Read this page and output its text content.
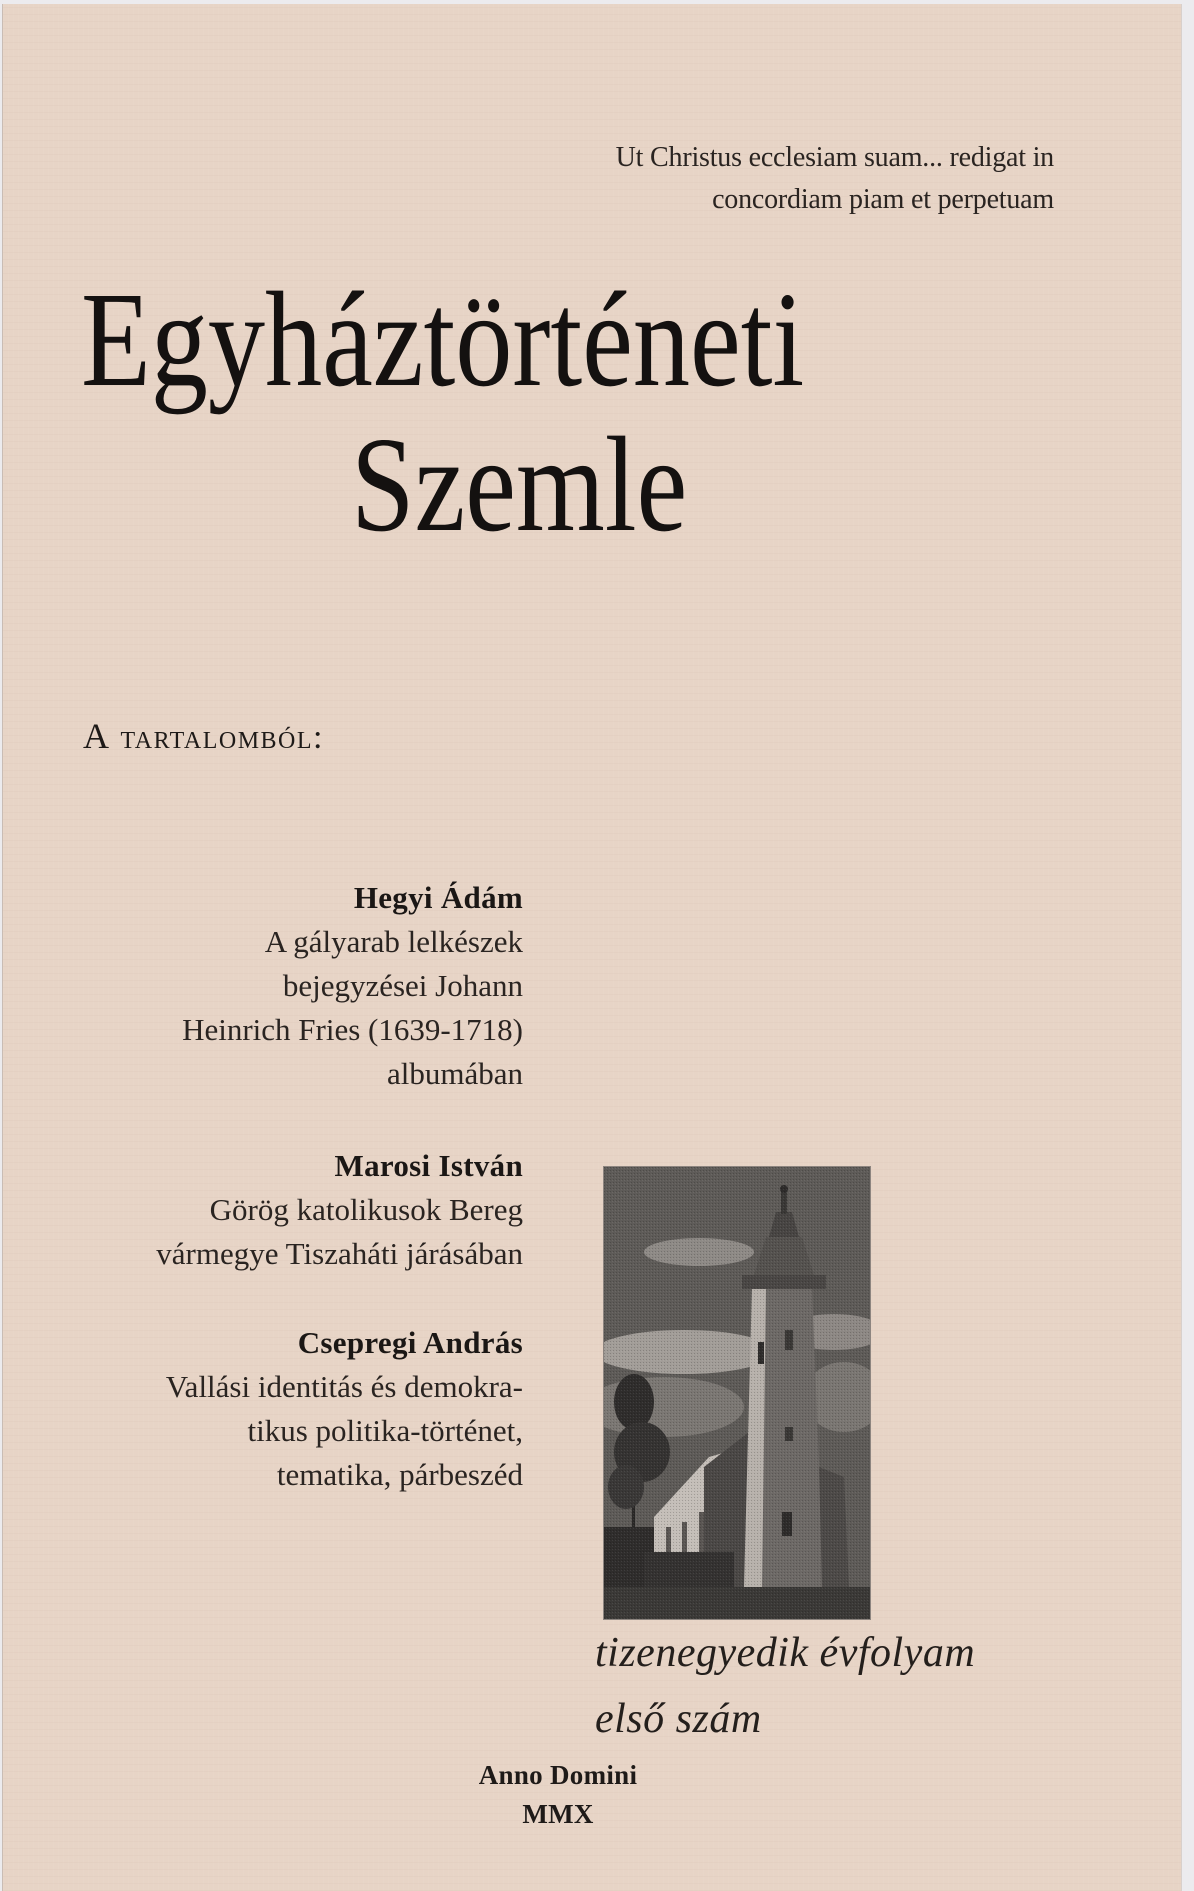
Ut Christus ecclesiam suam... redigat in
concordiam piam et perpetuam
Egyháztörténeti
Szemle
A tartalomból:
Hegyi Ádám
A gályarab lelkészek
bejegyzései Johann
Heinrich Fries (1639-1718)
albumában
Marosi István
Görög katolikusok Bereg
vármegye Tiszaháti járásában
Csepregi András
Vallási identitás és demokra-
tikus politika-történet,
tematika, párbeszéd
tizenegyedik évfolyam
első szám
Anno Domini
MMX
